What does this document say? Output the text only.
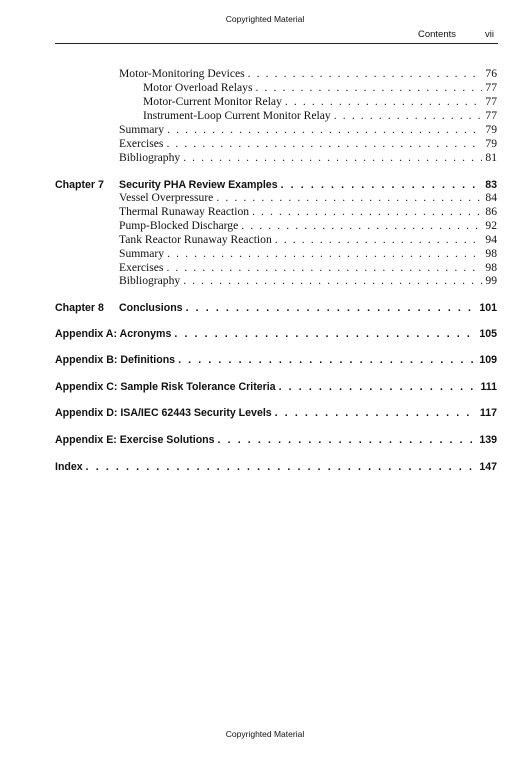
Copyrighted Material
Contents	vii
Motor-Monitoring Devices . . .	76
Motor Overload Relays . . .	77
Motor-Current Monitor Relay . . .	77
Instrument-Loop Current Monitor Relay . . .	77
Summary . . .	79
Exercises . . .	79
Bibliography . . .	81
Chapter 7 Security PHA Review Examples . . .	83
Vessel Overpressure . . .	84
Thermal Runaway Reaction . . .	86
Pump-Blocked Discharge . . .	92
Tank Reactor Runaway Reaction . . .	94
Summary . . .	98
Exercises . . .	98
Bibliography . . .	99
Chapter 8 Conclusions . . .	101
Appendix A: Acronyms . . .	105
Appendix B: Definitions . . .	109
Appendix C: Sample Risk Tolerance Criteria . . .	111
Appendix D: ISA/IEC 62443 Security Levels . . .	117
Appendix E: Exercise Solutions . . .	139
Index . . .	147
Copyrighted Material
